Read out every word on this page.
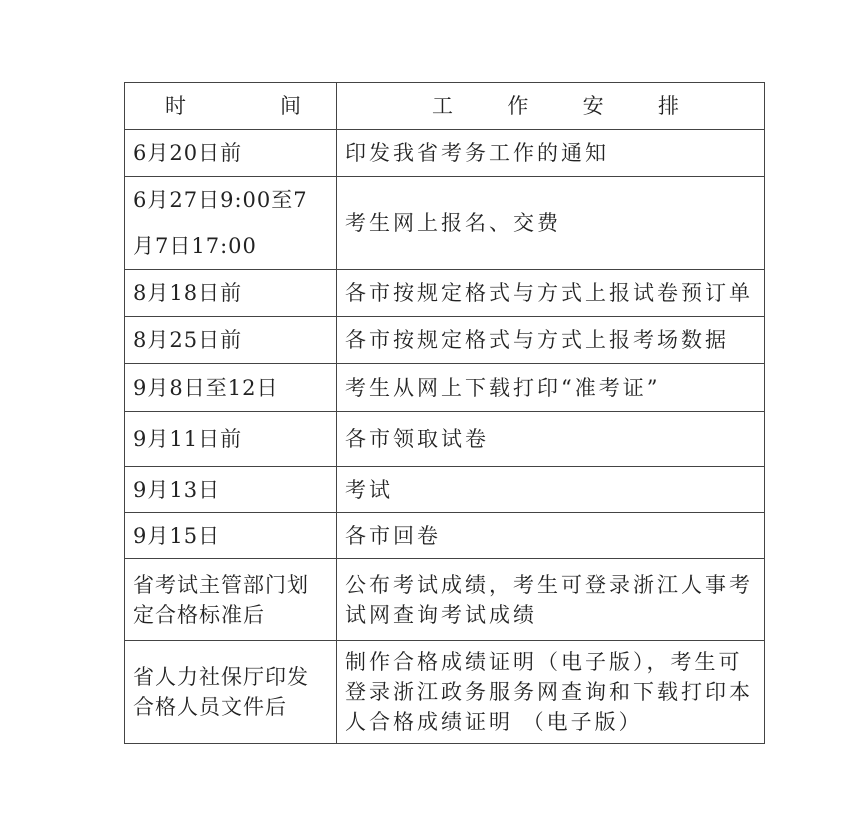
时 间	工 作 安 排

6月20日前	印发我省考务工作的通知
6月27日9:00至7月7日17:00	考生网上报名、交费
8月18日前	各市按规定格式与方式上报试卷预订单
8月25日前	各市按规定格式与方式上报考场数据
9月8日至12日	考生从网上下载打印“准考证”
9月11日前	各市领取试卷
9月13日	考试
9月15日	各市回卷
省考试主管部门划定合格标准后	公布考试成绩，考生可登录浙江人事考试网查询考试成绩
省人力社保厅印发合格人员文件后	制作合格成绩证明（电子版），考生可登录浙江政务服务网查询和下载打印本人合格成绩证明 （电子版）
